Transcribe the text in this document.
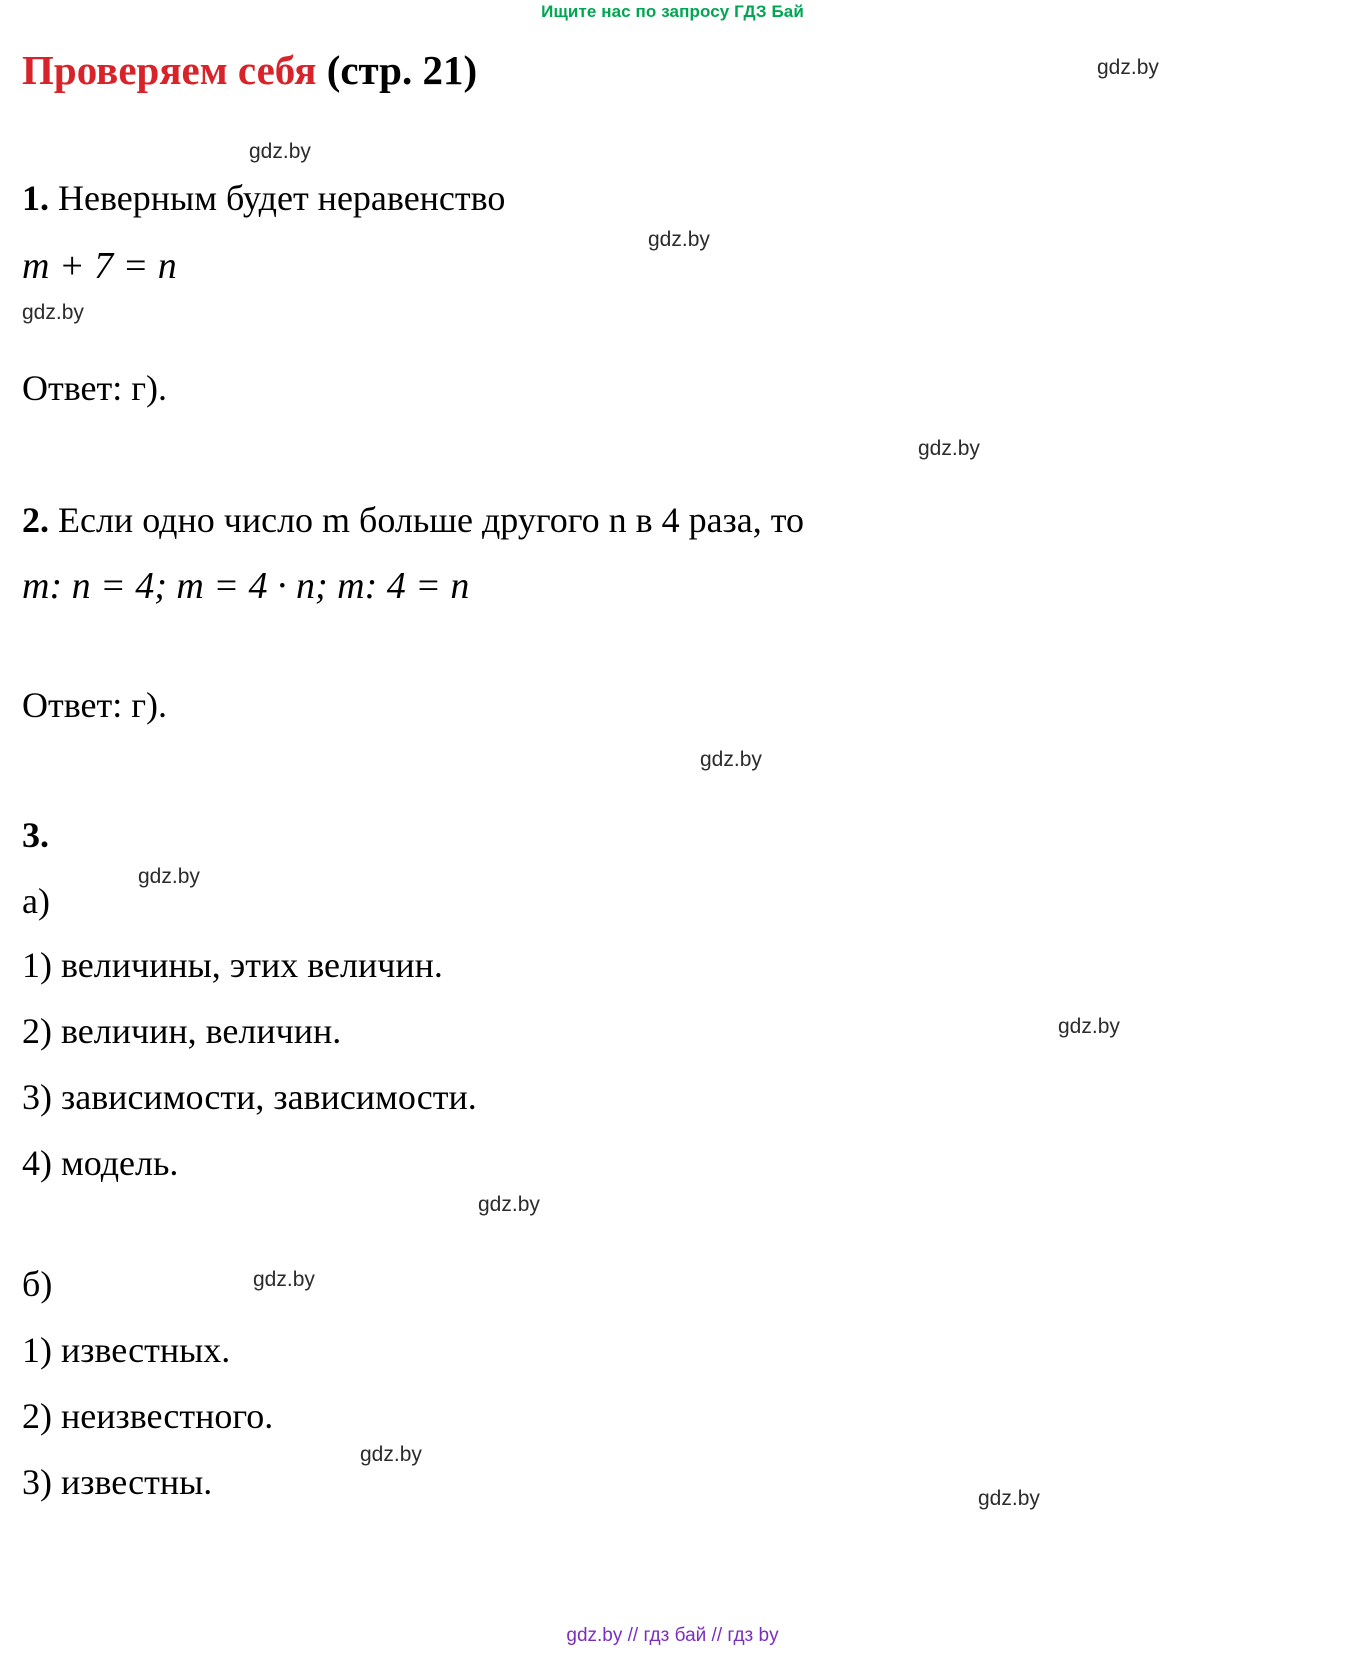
Ищите нас по запросу ГДЗ Бай
gdz.by
gdz.by
gdz.by
gdz.by
gdz.by
gdz.by
gdz.by
gdz.by
gdz.by
gdz.by
gdz.by
gdz.by
Проверяем себя (стр. 21)
1. Неверным будет неравенство
m + 7 = n
Ответ: г).
2. Если одно число m больше другого n в 4 раза, то
m: n = 4; m = 4 · n; m: 4 = n
Ответ: г).
3.
а)
1) величины, этих величин.
2) величин, величин.
3) зависимости, зависимости.
4) модель.
б)
1) известных.
2) неизвестного.
3) известны.
gdz.by // гдз бай // гдз by
